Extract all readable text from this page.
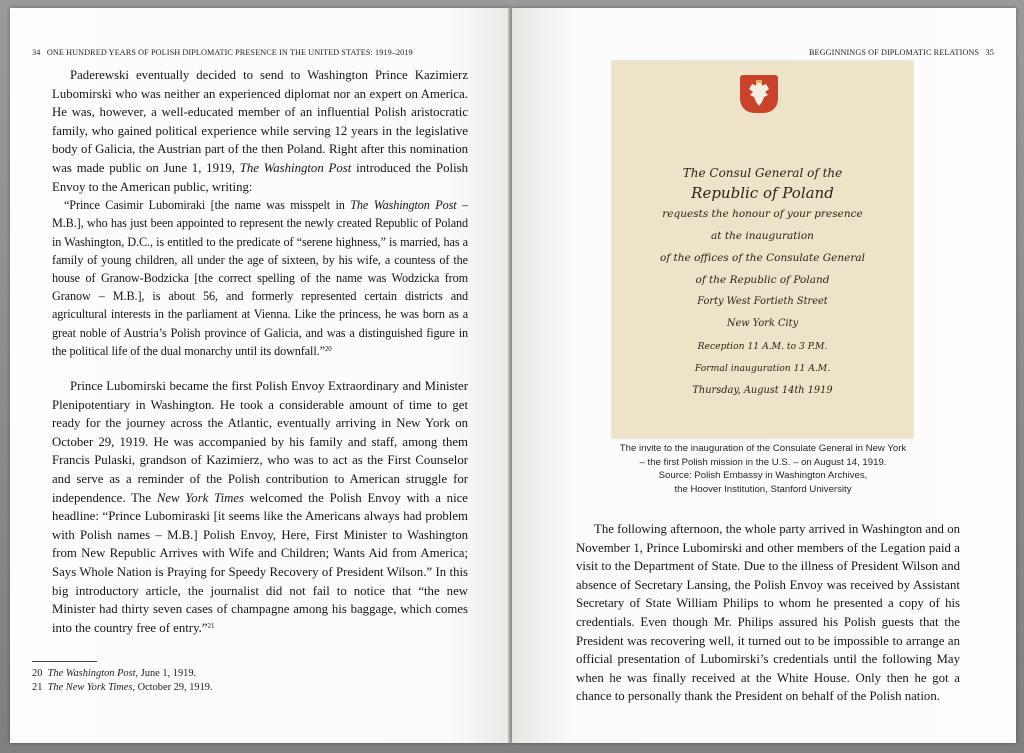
34 ONE HUNDRED YEARS OF POLISH DIPLOMATIC PRESENCE IN THE UNITED STATES: 1919–2019

Paderewski eventually decided to send to Washington Prince Kazimierz Lubomirski who was neither an experienced diplomat nor an expert on America. He was, however, a well-educated member of an influential Polish aristocratic family, who gained political experience while serving 12 years in the legislative body of Galicia, the Austrian part of the then Poland. Right after this nomination was made public on June 1, 1919, The Washington Post introduced the Polish Envoy to the American public, writing:

“Prince Casimir Lubomiraki [the name was misspelt in The Washington Post – M.B.], who has just been appointed to represent the newly created Republic of Poland in Washington, D.C., is entitled to the predicate of “serene highness,” is married, has a family of young children, all under the age of sixteen, by his wife, a countess of the house of Granow-Bodzicka [the correct spelling of the name was Wodzicka from Granow – M.B.], is about 56, and formerly represented certain districts and agricultural interests in the parliament at Vienna. Like the princess, he was born as a great noble of Austria’s Polish province of Galicia, and was a distinguished figure in the political life of the dual monarchy until its downfall.”$^{20}$

Prince Lubomirski became the first Polish Envoy Extraordinary and Minister Plenipotentiary in Washington. He took a considerable amount of time to get ready for the journey across the Atlantic, eventually arriving in New York on October 29, 1919. He was accompanied by his family and staff, among them Francis Pulaski, grandson of Kazimierz, who was to act as the First Counselor and serve as a reminder of the Polish contribution to American struggle for independence. The New York Times welcomed the Polish Envoy with a nice headline: “Prince Lubomiraski [it seems like the Americans always had problem with Polish names – M.B.] Polish Envoy, Here, First Minister to Washington from New Republic Arrives with Wife and Children; Wants Aid from America; Says Whole Nation is Praying for Speedy Recovery of President Wilson.” In this big introductory article, the journalist did not fail to notice that “the new Minister had thirty seven cases of champagne among his baggage, which comes into the country free of entry.”$^{21}$

20 The Washington Post, June 1, 1919.
21 The New York Times, October 29, 1919.
BEGGINNINGS OF DIPLOMATIC RELATIONS 35
The Consul General of the
Republic of Poland
requests the honour of your presence
at the inauguration
of the offices of the Consulate General
of the Republic of Poland
Forty West Fortieth Street
New York City
Reception 11 A.M. to 3 P.M.
Formal inauguration 11 A.M.
Thursday, August 14th 1919
The invite to the inauguration of the Consulate General in New York
– the first Polish mission in the U.S. – on August 14, 1919.
Source: Polish Embassy in Washington Archives,
the Hoover Institution, Stanford University

The following afternoon, the whole party arrived in Washington and on November 1, Prince Lubomirski and other members of the Legation paid a visit to the Department of State. Due to the illness of President Wilson and absence of Secretary Lansing, the Polish Envoy was received by Assistant Secretary of State William Philips to whom he presented a copy of his credentials. Even though Mr. Philips assured his Polish guests that the President was recovering well, it turned out to be impossible to arrange an official presentation of Lubomirski’s credentials until the following May when he was finally received at the White House. Only then he got a chance to personally thank the President on behalf of the Polish nation.
